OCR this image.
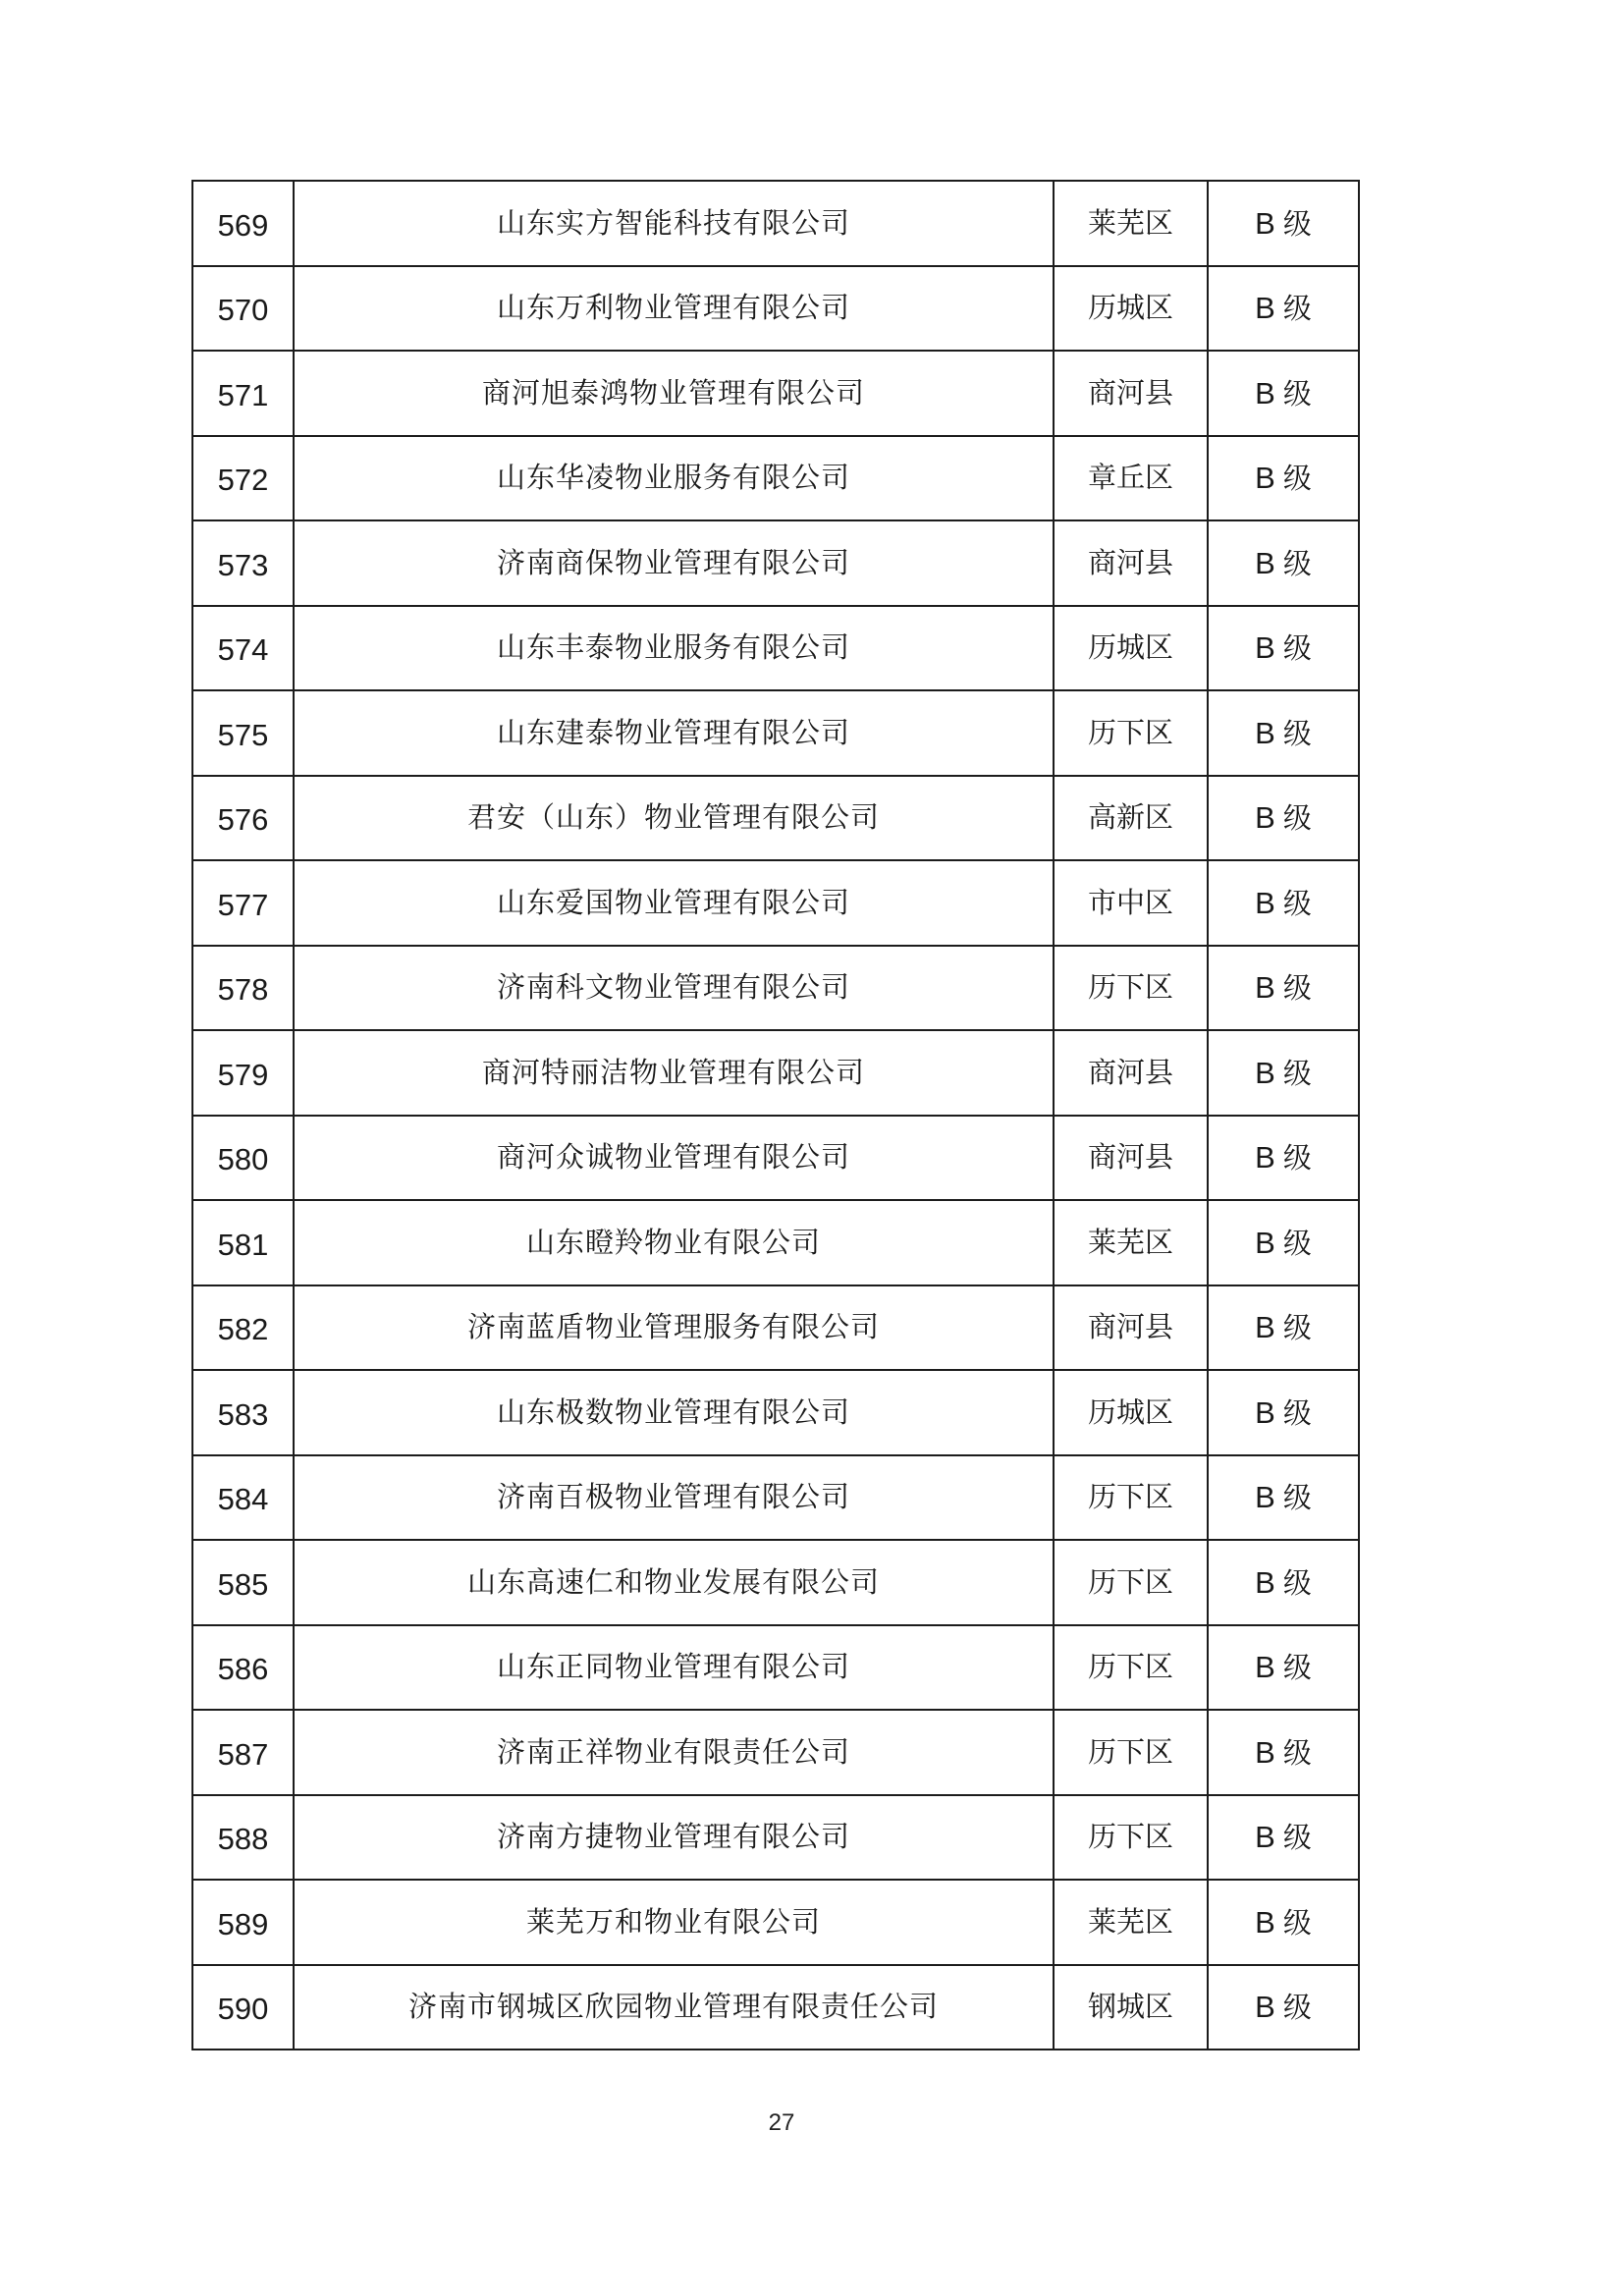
569	山东实方智能科技有限公司	莱芜区	B 级
570	山东万利物业管理有限公司	历城区	B 级
571	商河旭泰鸿物业管理有限公司	商河县	B 级
572	山东华凌物业服务有限公司	章丘区	B 级
573	济南商保物业管理有限公司	商河县	B 级
574	山东丰泰物业服务有限公司	历城区	B 级
575	山东建泰物业管理有限公司	历下区	B 级
576	君安（山东）物业管理有限公司	高新区	B 级
577	山东爱国物业管理有限公司	市中区	B 级
578	济南科文物业管理有限公司	历下区	B 级
579	商河特丽洁物业管理有限公司	商河县	B 级
580	商河众诚物业管理有限公司	商河县	B 级
581	山东瞪羚物业有限公司	莱芜区	B 级
582	济南蓝盾物业管理服务有限公司	商河县	B 级
583	山东极数物业管理有限公司	历城区	B 级
584	济南百极物业管理有限公司	历下区	B 级
585	山东高速仁和物业发展有限公司	历下区	B 级
586	山东正同物业管理有限公司	历下区	B 级
587	济南正祥物业有限责任公司	历下区	B 级
588	济南方捷物业管理有限公司	历下区	B 级
589	莱芜万和物业有限公司	莱芜区	B 级
590	济南市钢城区欣园物业管理有限责任公司	钢城区	B 级
27
